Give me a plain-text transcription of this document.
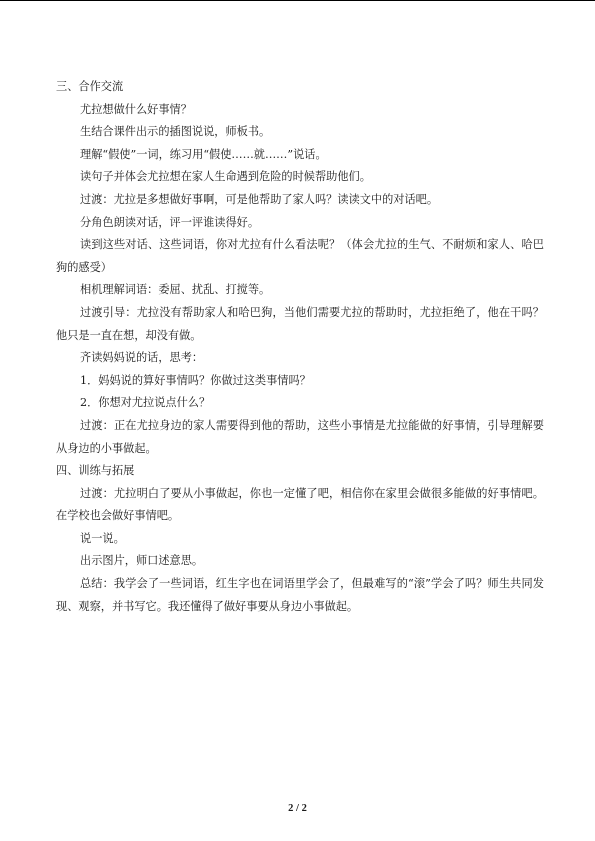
三、合作交流

尤拉想做什么好事情？

生结合课件出示的插图说说，师板书。

理解“假使”一词，练习用“假使……就……”说话。

读句子并体会尤拉想在家人生命遇到危险的时候帮助他们。

过渡：尤拉是多想做好事啊，可是他帮助了家人吗？读读文中的对话吧。

分角色朗读对话，评一评谁读得好。

读到这些对话、这些词语，你对尤拉有什么看法呢？（体会尤拉的生气、不耐烦和家人、哈巴狗的感受）

相机理解词语：委屈、扰乱、打搅等。

过渡引导：尤拉没有帮助家人和哈巴狗，当他们需要尤拉的帮助时，尤拉拒绝了，他在干吗？他只是一直在想，却没有做。

齐读妈妈说的话，思考：

1．妈妈说的算好事情吗？你做过这类事情吗？

2．你想对尤拉说点什么？

过渡：正在尤拉身边的家人需要得到他的帮助，这些小事情是尤拉能做的好事情，引导理解要从身边的小事做起。

四、训练与拓展

过渡：尤拉明白了要从小事做起，你也一定懂了吧，相信你在家里会做很多能做的好事情吧。在学校也会做好事情吧。

说一说。

出示图片，师口述意思。

总结：我学会了一些词语，红生字也在词语里学会了，但最难写的“滚”学会了吗？师生共同发现、观察，并书写它。我还懂得了做好事要从身边小事做起。

2 / 2
